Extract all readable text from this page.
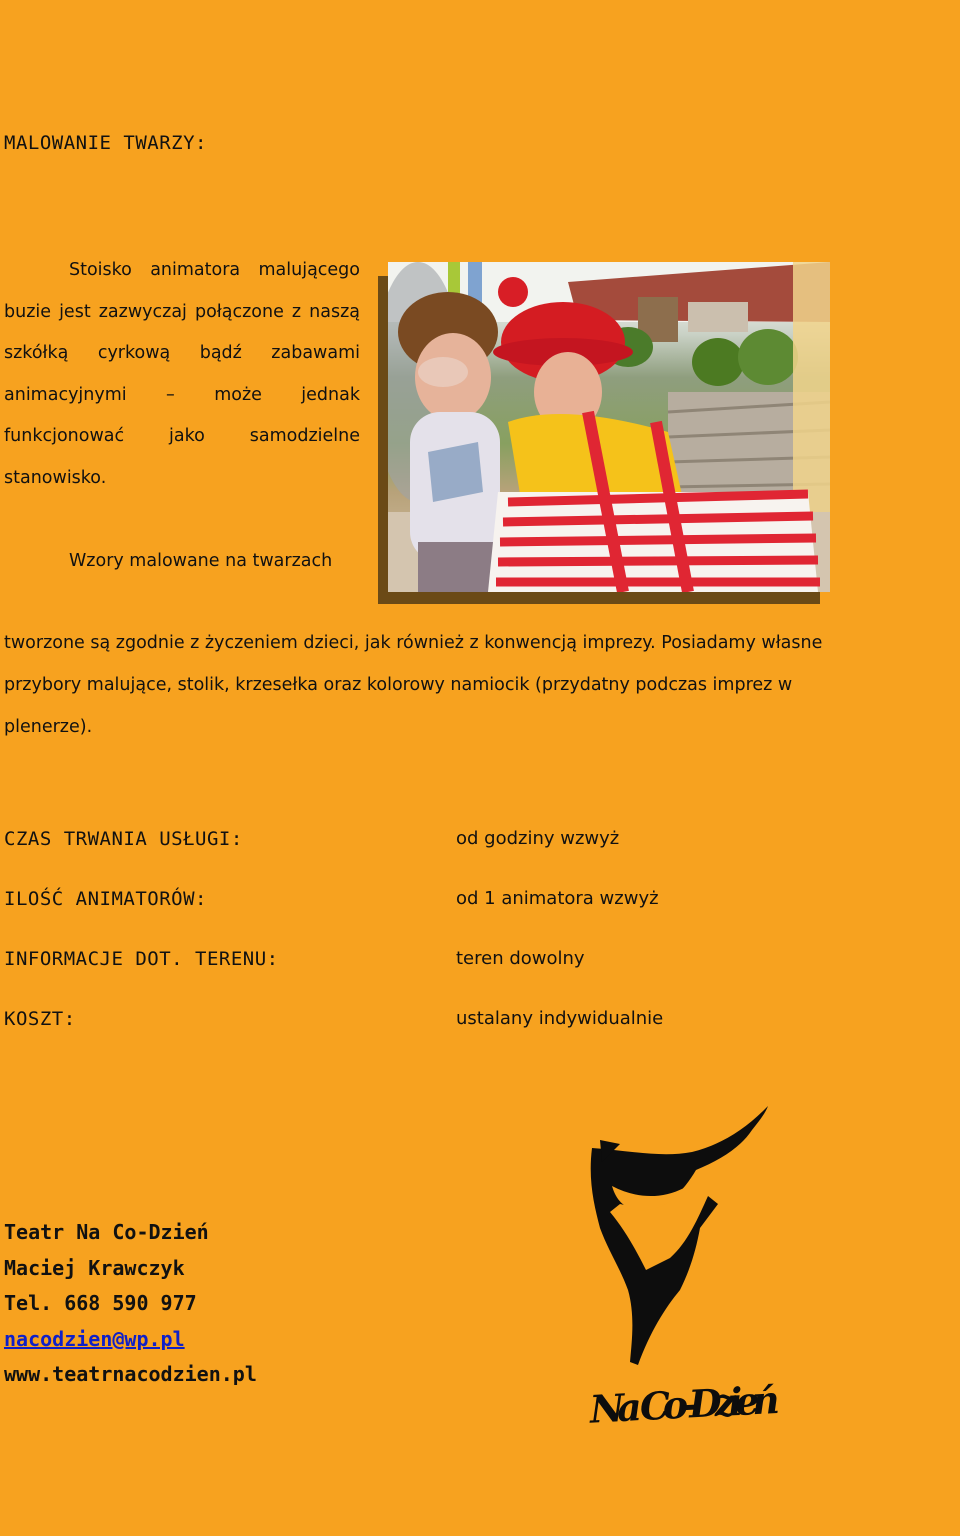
MALOWANIE TWARZY:

Stoisko animatora malującego buzie jest zazwyczaj połączone z naszą szkółką cyrkową bądź zabawami animacyjnymi – może jednak funkcjonować jako samodzielne stanowisko.

Wzory malowane na twarzach

tworzone są zgodnie z życzeniem dzieci, jak również z konwencją imprezy. Posiadamy własne przybory malujące, stolik, krzesełka oraz kolorowy namiocik (przydatny podczas imprez w plenerze).

CZAS TRWANIA USŁUGI:	od godziny wzwyż
ILOŚĆ ANIMATORÓW:	od 1 animatora wzwyż
INFORMACJE DOT. TERENU:	teren dowolny
KOSZT:	ustalany indywidualnie
Teatr Na Co-Dzień
Maciej Krawczyk
Tel. 668 590 977
nacodzien@wp.pl
www.teatrnacodzien.pl
Na Co-Dzień
